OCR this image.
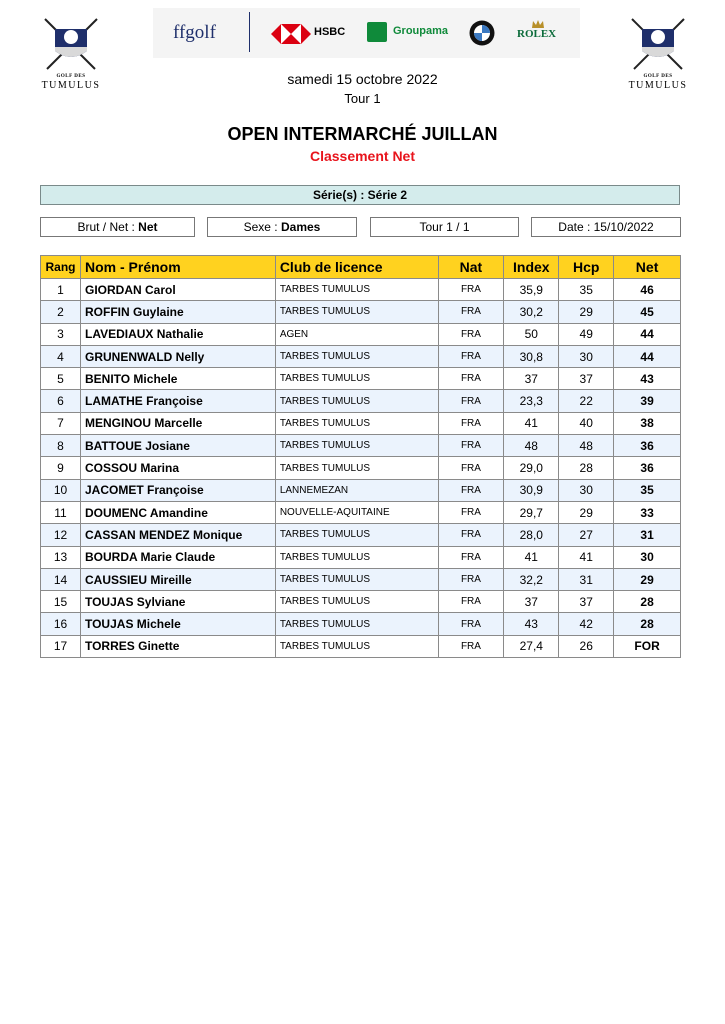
GOLF DES
TUMULUS
GOLF DES
TUMULUS
ffgolf	HSBC	Groupama	ROLEX
samedi 15 octobre 2022
Tour 1
OPEN INTERMARCHÉ JUILLAN
Classement Net
Série(s) : Série 2
Brut / Net : Net	Sexe : Dames	Tour 1 / 1	Date : 15/10/2022
Rang	Nom - Prénom	Club de licence	Nat	Index	Hcp	Net
1	GIORDAN Carol	TARBES TUMULUS	FRA	35,9	35	46
2	ROFFIN Guylaine	TARBES TUMULUS	FRA	30,2	29	45
3	LAVEDIAUX Nathalie	AGEN	FRA	50	49	44
4	GRUNENWALD Nelly	TARBES TUMULUS	FRA	30,8	30	44
5	BENITO Michele	TARBES TUMULUS	FRA	37	37	43
6	LAMATHE Françoise	TARBES TUMULUS	FRA	23,3	22	39
7	MENGINOU Marcelle	TARBES TUMULUS	FRA	41	40	38
8	BATTOUE Josiane	TARBES TUMULUS	FRA	48	48	36
9	COSSOU Marina	TARBES TUMULUS	FRA	29,0	28	36
10	JACOMET Françoise	LANNEMEZAN	FRA	30,9	30	35
11	DOUMENC Amandine	NOUVELLE-AQUITAINE	FRA	29,7	29	33
12	CASSAN MENDEZ Monique	TARBES TUMULUS	FRA	28,0	27	31
13	BOURDA Marie Claude	TARBES TUMULUS	FRA	41	41	30
14	CAUSSIEU Mireille	TARBES TUMULUS	FRA	32,2	31	29
15	TOUJAS Sylviane	TARBES TUMULUS	FRA	37	37	28
16	TOUJAS Michele	TARBES TUMULUS	FRA	43	42	28
17	TORRES Ginette	TARBES TUMULUS	FRA	27,4	26	FOR
